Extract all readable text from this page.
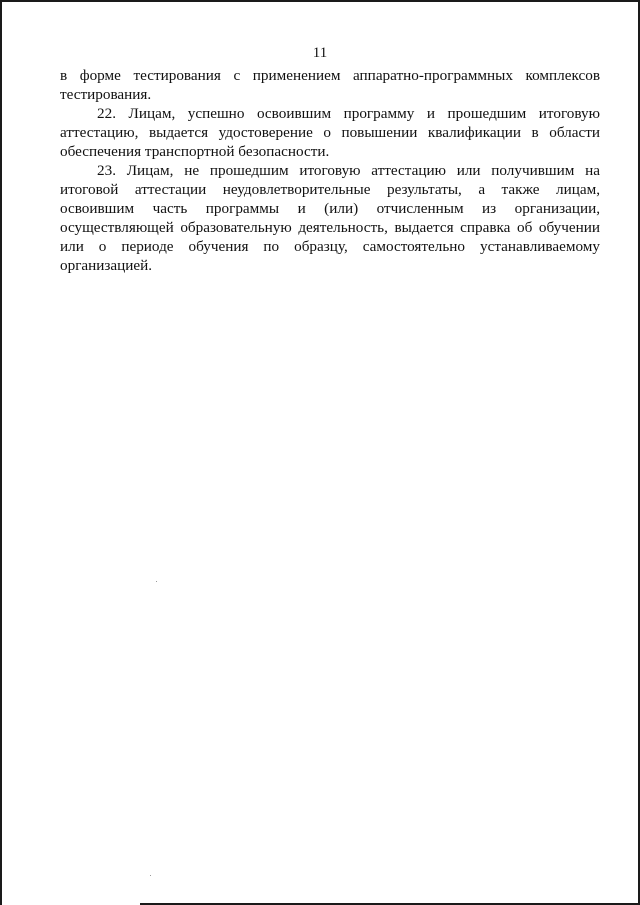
11

в форме тестирования с применением аппаратно-программных комплексов тестирования.

22. Лицам, успешно освоившим программу и прошедшим итоговую аттестацию, выдается удостоверение о повышении квалификации в области обеспечения транспортной безопасности.

23. Лицам, не прошедшим итоговую аттестацию или получившим на итоговой аттестации неудовлетворительные результаты, а также лицам, освоившим часть программы и (или) отчисленным из организации, осуществляющей образовательную деятельность, выдается справка об обучении или о периоде обучения по образцу, самостоятельно устанавливаемому организацией.
